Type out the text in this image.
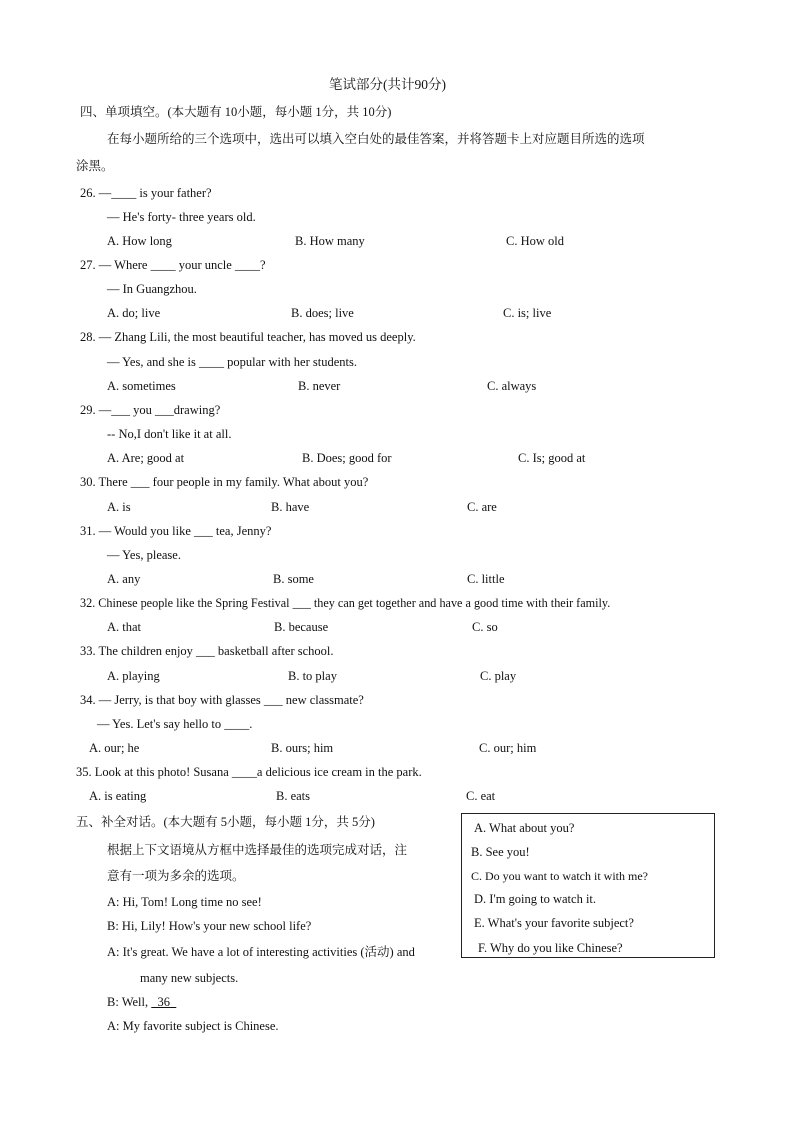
笔试部分(共计90分)
四、单项填空。(本大题有 10小题，每小题 1分，共 10分)
在每小题所给的三个选项中，选出可以填入空白处的最佳答案，并将答题卡上对应题目所选的选项
涂黑。
26. —____ is your father?
— He's forty- three years old.
A. How long	B. How many	C. How old
27. — Where ____ your uncle ____?
— In Guangzhou.
A. do; live	B. does; live	C. is; live
28. — Zhang Lili, the most beautiful teacher, has moved us deeply.
— Yes, and she is ____ popular with her students.
A. sometimes	B. never	C. always
29. —___ you ___drawing?
-- No,I don't like it at all.
A. Are; good at	B. Does; good for	C. Is; good at
30. There ___ four people in my family. What about you?
A. is	B. have	C. are
31. — Would you like ___ tea, Jenny?
— Yes, please.
A. any	B. some	C. little
32. Chinese people like the Spring Festival ___ they can get together and have a good time with their family.
A. that	B. because	C. so
33. The children enjoy ___ basketball after school.
A. playing	B. to play	C. play
34. — Jerry, is that boy with glasses ___ new classmate?
— Yes. Let's say hello to ____.
A. our; he	B. ours; him	C. our; him
35. Look at this photo! Susana ____a delicious ice cream in the park.
A. is eating	B. eats	C. eat
五、补全对话。(本大题有 5小题，每小题 1分，共 5分)
根据上下文语境从方框中选择最佳的选项完成对话，注
意有一项为多余的选项。
A: Hi, Tom! Long time no see!
B: Hi, Lily! How's your new school life?
A: It's great. We have a lot of interesting activities (活动) and
many new subjects.
B: Well, 36
A: My favorite subject is Chinese.
A. What about you?
B. See you!
C. Do you want to watch it with me?
D. I'm going to watch it.
E. What's your favorite subject?
F. Why do you like Chinese?
